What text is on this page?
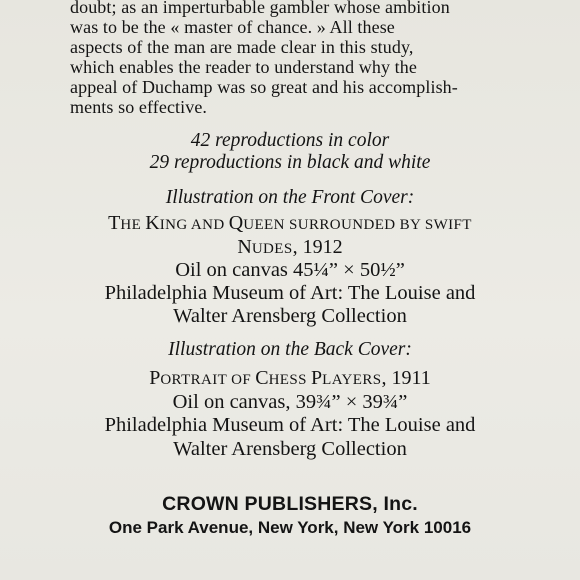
doubt; as an imperturbable gambler whose ambition
was to be the « master of chance. » All these
aspects of the man are made clear in this study,
which enables the reader to understand why the
appeal of Duchamp was so great and his accomplish-
ments so effective.
42 reproductions in color
29 reproductions in black and white
Illustration on the Front Cover:
THE KING AND QUEEN SURROUNDED BY SWIFT
NUDES, 1912
Oil on canvas 45¼” × 50½”
Philadelphia Museum of Art: The Louise and
Walter Arensberg Collection
Illustration on the Back Cover:
PORTRAIT OF CHESS PLAYERS, 1911
Oil on canvas, 39¾” × 39¾”
Philadelphia Museum of Art: The Louise and
Walter Arensberg Collection
CROWN PUBLISHERS, Inc.
One Park Avenue, New York, New York 10016
